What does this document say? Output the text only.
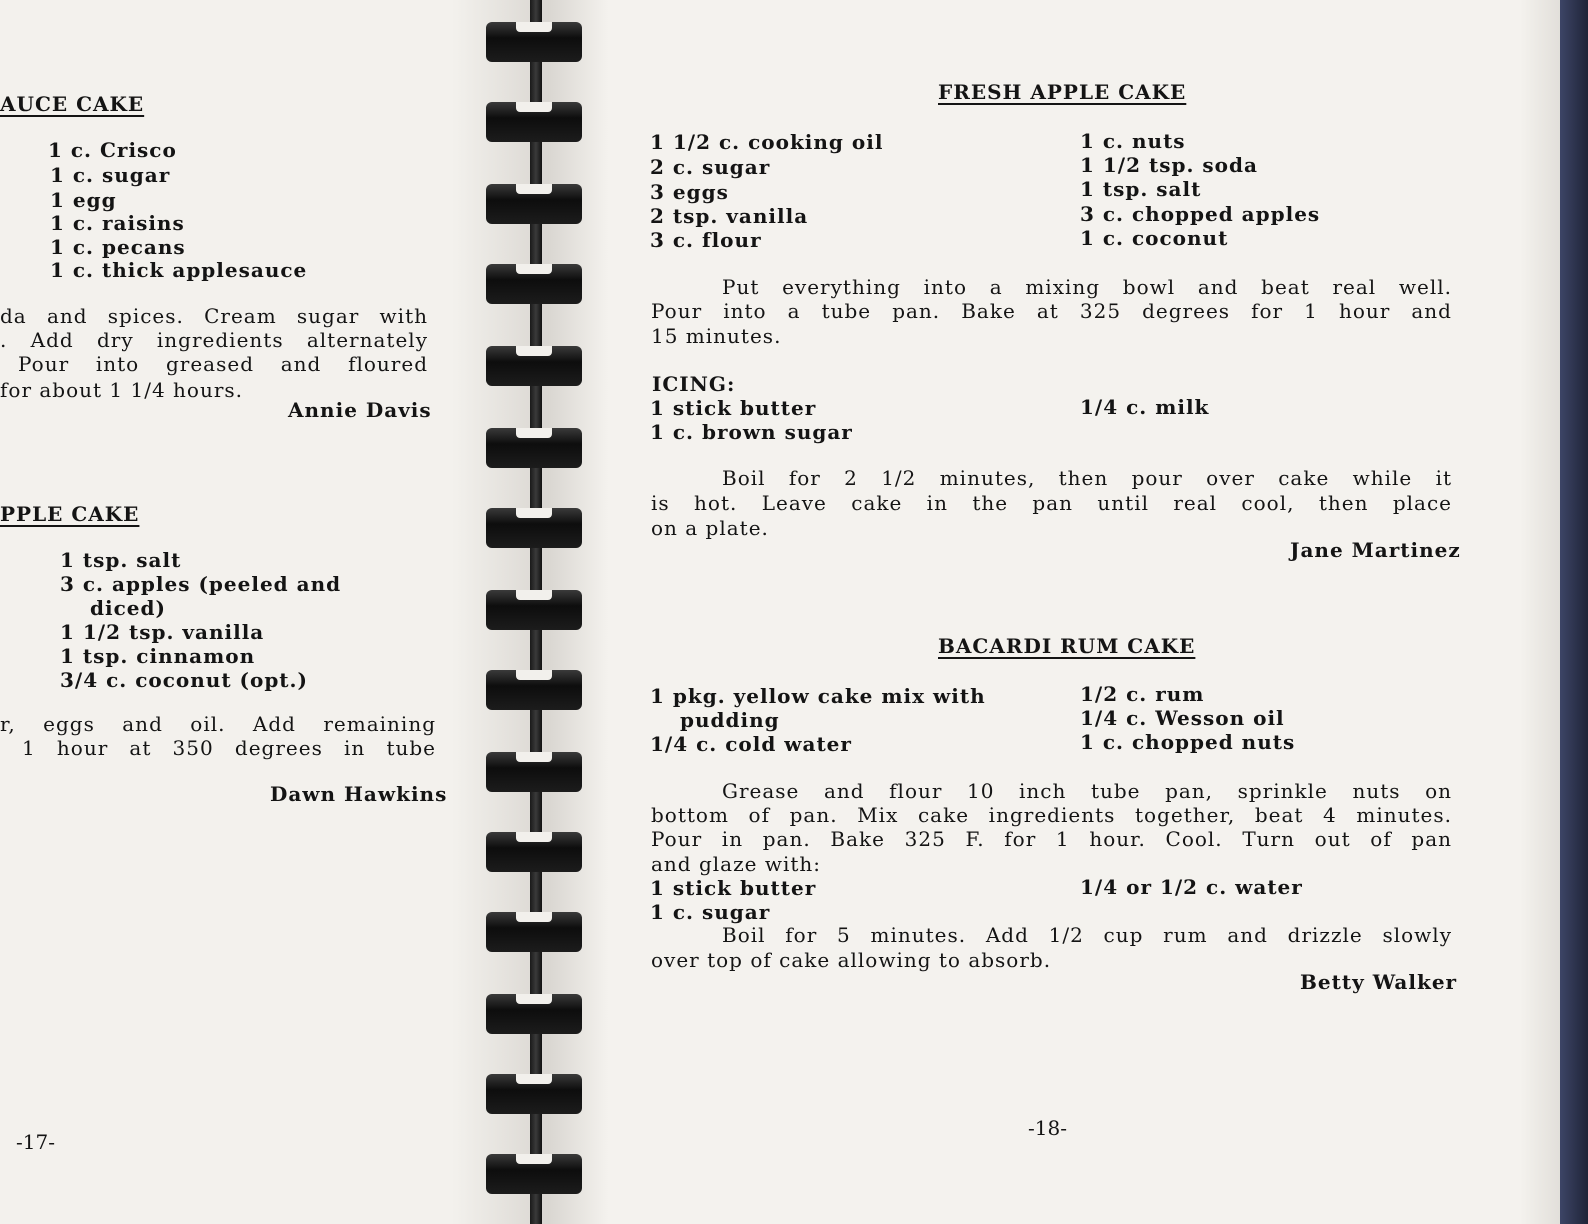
AUCE CAKE
1 c. Crisco
1 c. sugar
1 egg
1 c. raisins
1 c. pecans
1 c. thick applesauce
da and spices. Cream sugar with
. Add dry ingredients alternately
Pour into greased and floured
for about 1 1/4 hours.
Annie Davis
PPLE CAKE
1 tsp. salt
3 c. apples (peeled and
diced)
1 1/2 tsp. vanilla
1 tsp. cinnamon
3/4 c. coconut (opt.)
r, eggs and oil. Add remaining
1 hour at 350 degrees in tube
Dawn Hawkins
-17-
FRESH APPLE CAKE
1 1/2 c. cooking oil
2 c. sugar
3 eggs
2 tsp. vanilla
3 c. flour
1 c. nuts
1 1/2 tsp. soda
1 tsp. salt
3 c. chopped apples
1 c. coconut
Put everything into a mixing bowl and beat real well.
Pour into a tube pan. Bake at 325 degrees for 1 hour and
15 minutes.
ICING:
1 stick butter
1 c. brown sugar
1/4 c. milk
Boil for 2 1/2 minutes, then pour over cake while it
is hot. Leave cake in the pan until real cool, then place
on a plate.
Jane Martinez
BACARDI RUM CAKE
1 pkg. yellow cake mix with
pudding
1/4 c. cold water
1/2 c. rum
1/4 c. Wesson oil
1 c. chopped nuts
Grease and flour 10 inch tube pan, sprinkle nuts on
bottom of pan. Mix cake ingredients together, beat 4 minutes.
Pour in pan. Bake 325 F. for 1 hour. Cool. Turn out of pan
and glaze with:
1 stick butter
1 c. sugar
1/4 or 1/2 c. water
Boil for 5 minutes. Add 1/2 cup rum and drizzle slowly
over top of cake allowing to absorb.
Betty Walker
-18-
